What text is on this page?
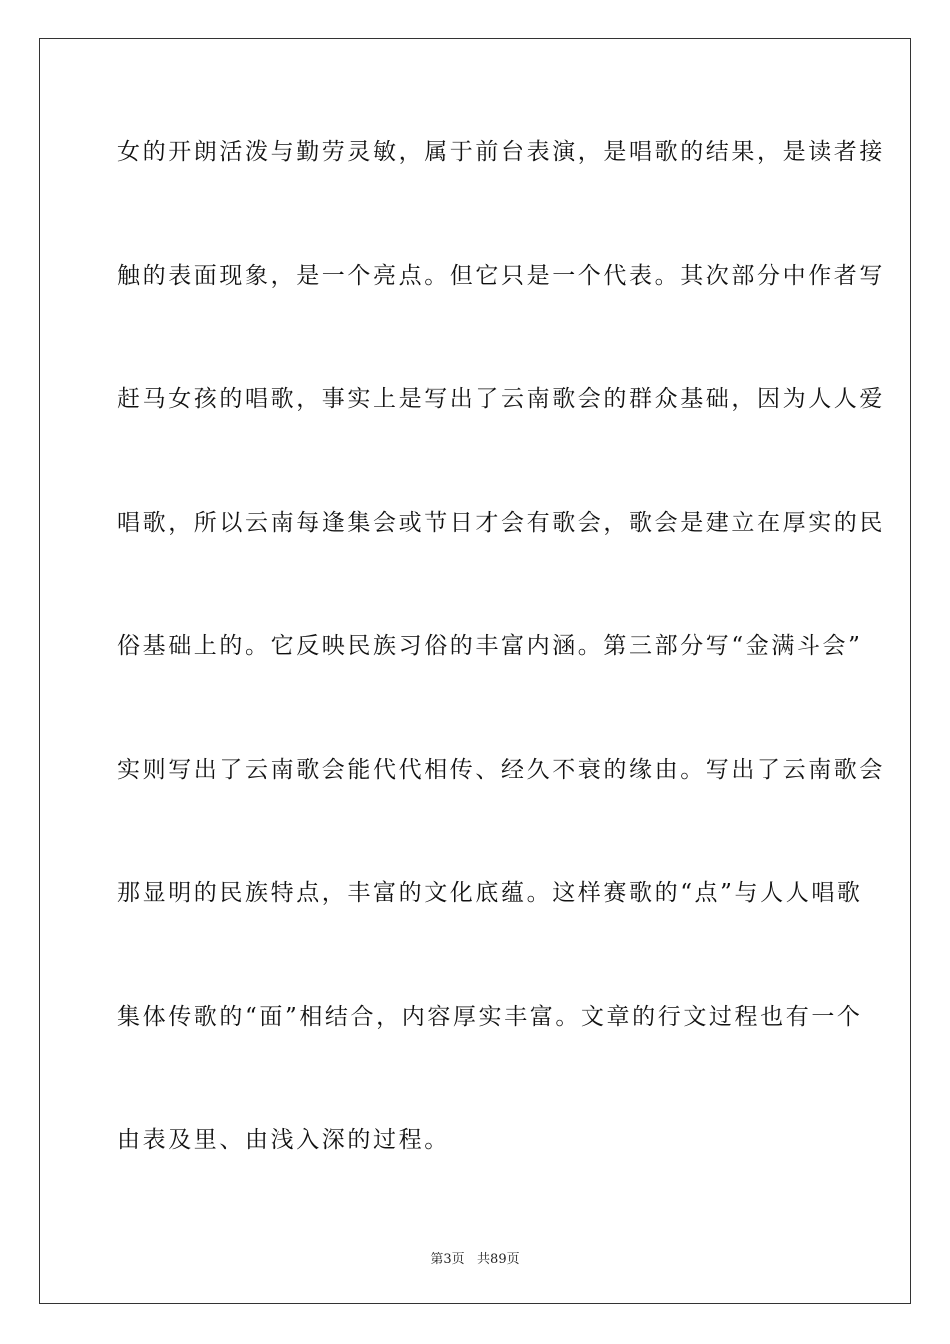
女的开朗活泼与勤劳灵敏，属于前台表演，是唱歌的结果，是读者接
触的表面现象，是一个亮点。但它只是一个代表。其次部分中作者写
赶马女孩的唱歌，事实上是写出了云南歌会的群众基础，因为人人爱
唱歌，所以云南每逢集会或节日才会有歌会，歌会是建立在厚实的民
俗基础上的。它反映民族习俗的丰富内涵。第三部分写“金满斗会”
实则写出了云南歌会能代代相传、经久不衰的缘由。写出了云南歌会
那显明的民族特点，丰富的文化底蕴。这样赛歌的“点”与人人唱歌
集体传歌的“面”相结合，内容厚实丰富。文章的行文过程也有一个
由表及里、由浅入深的过程。
第3页   共89页
